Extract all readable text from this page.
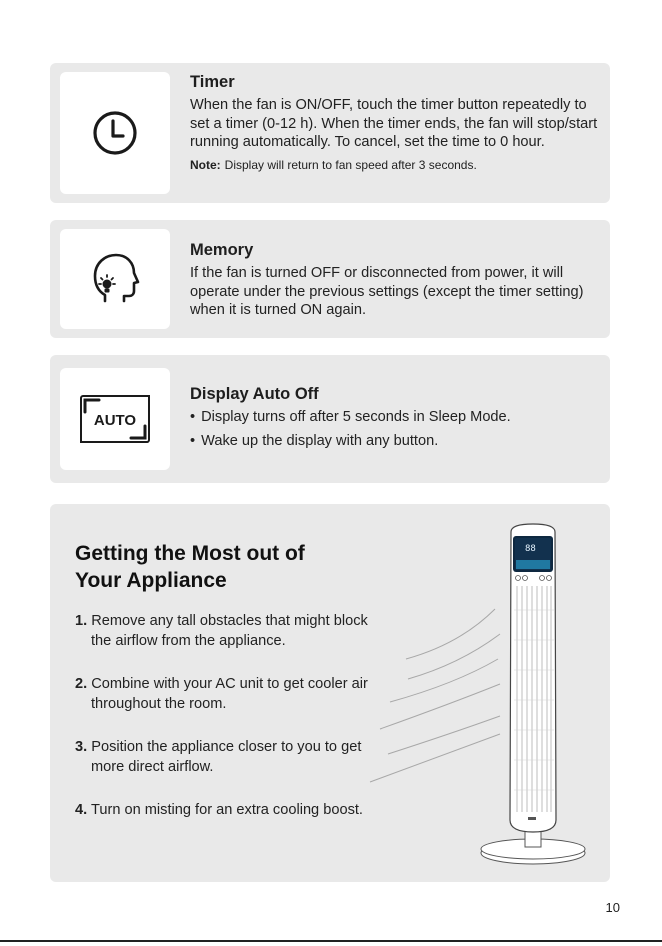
Timer
When the fan is ON/OFF, touch the timer button repeatedly to set a timer (0-12 h). When the timer ends, the fan will stop/start running automatically. To cancel, set the time to 0 hour.
Note: Display will return to fan speed after 3 seconds.
Memory
If the fan is turned OFF or disconnected from power, it will operate under the previous settings (except the timer setting) when it is turned ON again.
AUTO
Display Auto Off
• Display turns off after 5 seconds in Sleep Mode.
• Wake up the display with any button.
Getting the Most out of
Your Appliance
1. Remove any tall obstacles that might block the airflow from the appliance.
2. Combine with your AC unit to get cooler air throughout the room.
3. Position the appliance closer to you to get more direct airflow.
4. Turn on misting for an extra cooling boost.
88
10
